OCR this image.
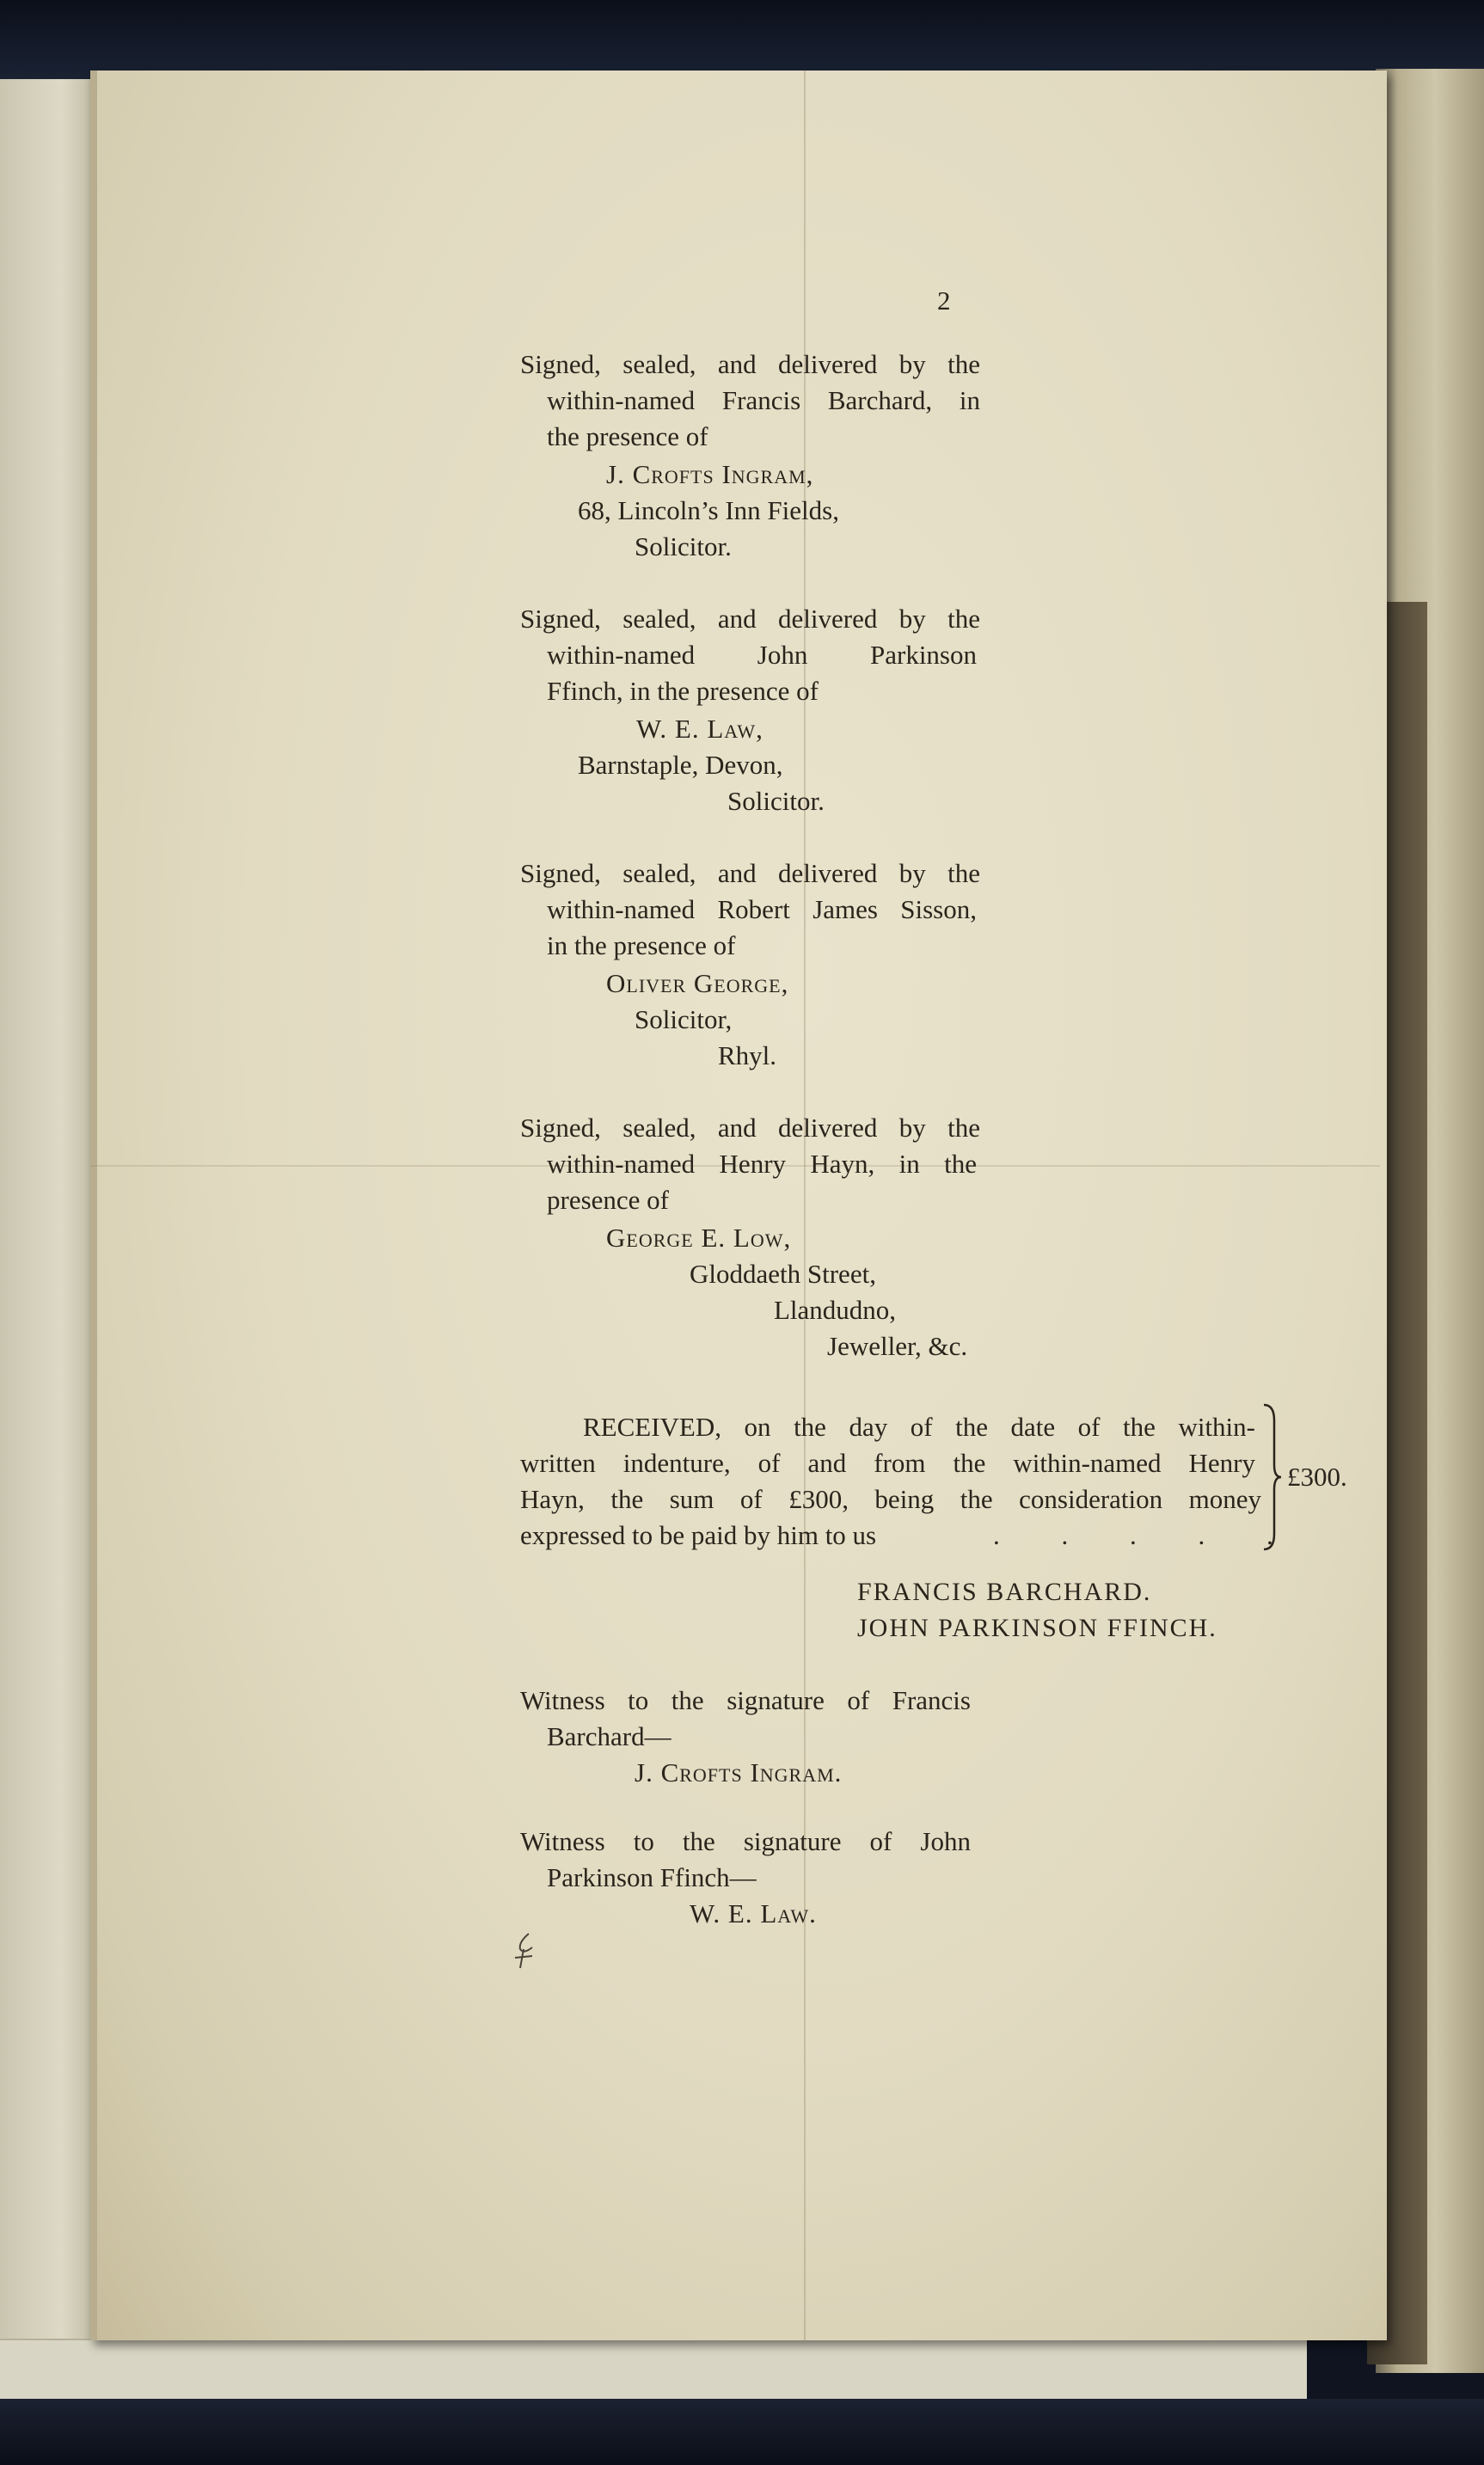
2
Signed, sealed, and delivered by the
within-named Francis Barchard, in
the presence of
J. Crofts Ingram,
68, Lincoln’s Inn Fields,
Solicitor.
Signed, sealed, and delivered by the
within-named John Parkinson
Ffinch, in the presence of
W. E. Law,
Barnstaple, Devon,
Solicitor.
Signed, sealed, and delivered by the
within-named Robert James Sisson,
in the presence of
Oliver George,
Solicitor,
Rhyl.
Signed, sealed, and delivered by the
within-named Henry Hayn, in the
presence of
George E. Low,
Gloddaeth Street,
Llandudno,
Jeweller, &c.
RECEIVED, on the day of the date of the within-
written indenture, of and from the within-named Henry
Hayn, the sum of £300, being the consideration money
expressed to be paid by him to us	. . . . .
£300.
FRANCIS BARCHARD.
JOHN PARKINSON FFINCH.
Witness to the signature of Francis
Barchard—
J. Crofts Ingram.
Witness to the signature of John
Parkinson Ffinch—
W. E. Law.
